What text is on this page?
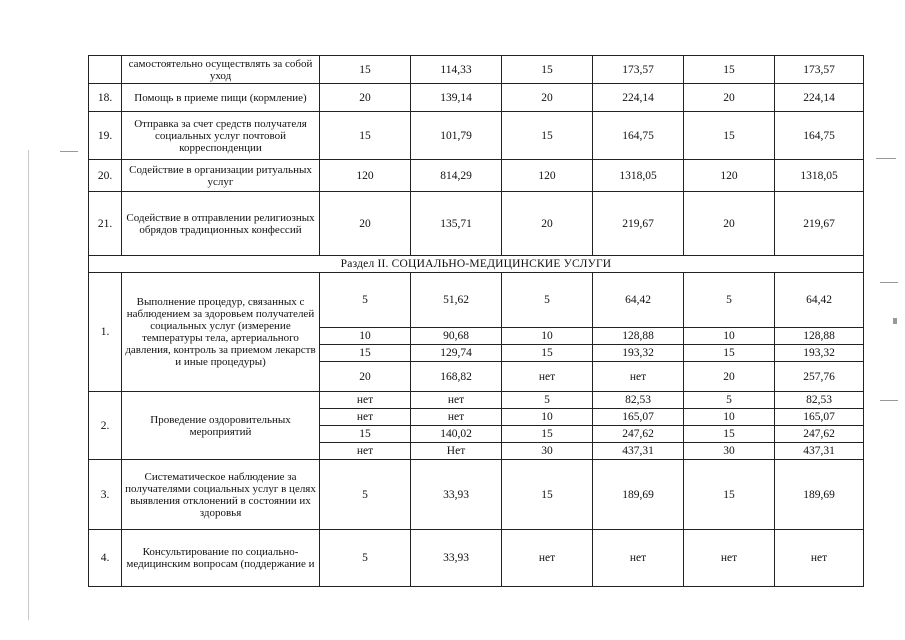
	самостоятельно осуществлять за собой уход	15	114,33	15	173,57	15	173,57
18.	Помощь в приеме пищи (кормление)	20	139,14	20	224,14	20	224,14
19.	Отправка за счет средств получателя социальных услуг почтовой корреспонденции	15	101,79	15	164,75	15	164,75
20.	Содействие в организации ритуальных услуг	120	814,29	120	1318,05	120	1318,05
21.	Содействие в отправлении религиозных обрядов традиционных конфессий	20	135,71	20	219,67	20	219,67
Раздел II. СОЦИАЛЬНО-МЕДИЦИНСКИЕ УСЛУГИ							
1.	Выполнение процедур, связанных с наблюдением за здоровьем получателей социальных услуг (измерение температуры тела, артериального давления, контроль за приемом лекарств и иные процедуры)	5	51,62	5	64,42	5	64,42
		10	90,68	10	128,88	10	128,88
		15	129,74	15	193,32	15	193,32
		20	168,82	нет	нет	20	257,76
2.	Проведение оздоровительных мероприятий	нет	нет	5	82,53	5	82,53
		нет	нет	10	165,07	10	165,07
		15	140,02	15	247,62	15	247,62
		нет	Нет	30	437,31	30	437,31
3.	Систематическое наблюдение за получателями социальных услуг в целях выявления отклонений в состоянии их здоровья	5	33,93	15	189,69	15	189,69
4.	Консультирование по социально-медицинским вопросам (поддержание и	5	33,93	нет	нет	нет	нет
